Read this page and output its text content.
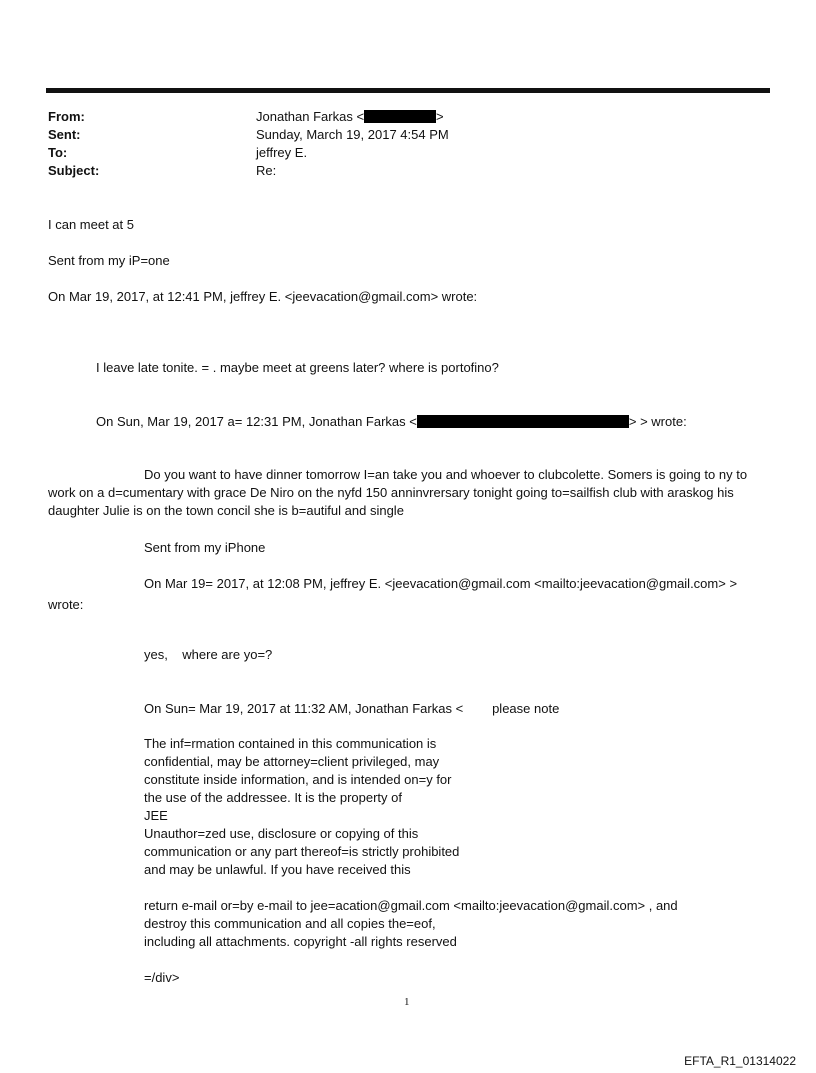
From:	Jonathan Farkas <	>
Sent:	Sunday, March 19, 2017 4:54 PM
To:	jeffrey E.
Subject:	Re:
I can meet at 5
Sent from my iP=one
On Mar 19, 2017, at 12:41 PM, jeffrey E. <jeevacation@gmail.com> wrote:
I leave late tonite. = . maybe meet at greens later? where is portofino?
On Sun, Mar 19, 2017 a= 12:31 PM, Jonathan Farkas <	> > wrote:
Do you want to have dinner tomorrow I=an take you and whoever to clubcolette. Somers is going to ny to work on a d=cumentary with grace De Niro on the nyfd 150 anninvrersary tonight going to=sailfish club with araskog his daughter Julie is on the town concil she is b=autiful and single
Sent from my iPhone
On Mar 19= 2017, at 12:08 PM, jeffrey E. <jeevacation@gmail.com <mailto:jeevacation@gmail.com> >
wrote:
yes,    where are yo=?
On Sun= Mar 19, 2017 at 11:32 AM, Jonathan Farkas <        please note
The inf=rmation contained in this communication is
confidential, may be attorney=client privileged, may
constitute inside information, and is intended on=y for
the use of the addressee. It is the property of
JEE
Unauthor=zed use, disclosure or copying of this
communication or any part thereof=is strictly prohibited
and may be unlawful. If you have received this
return e-mail or=by e-mail to jee=acation@gmail.com <mailto:jeevacation@gmail.com> , and
destroy this communication and all copies the=eof,
including all attachments. copyright -all rights reserved
=/div>
1
EFTA_R1_01314022
